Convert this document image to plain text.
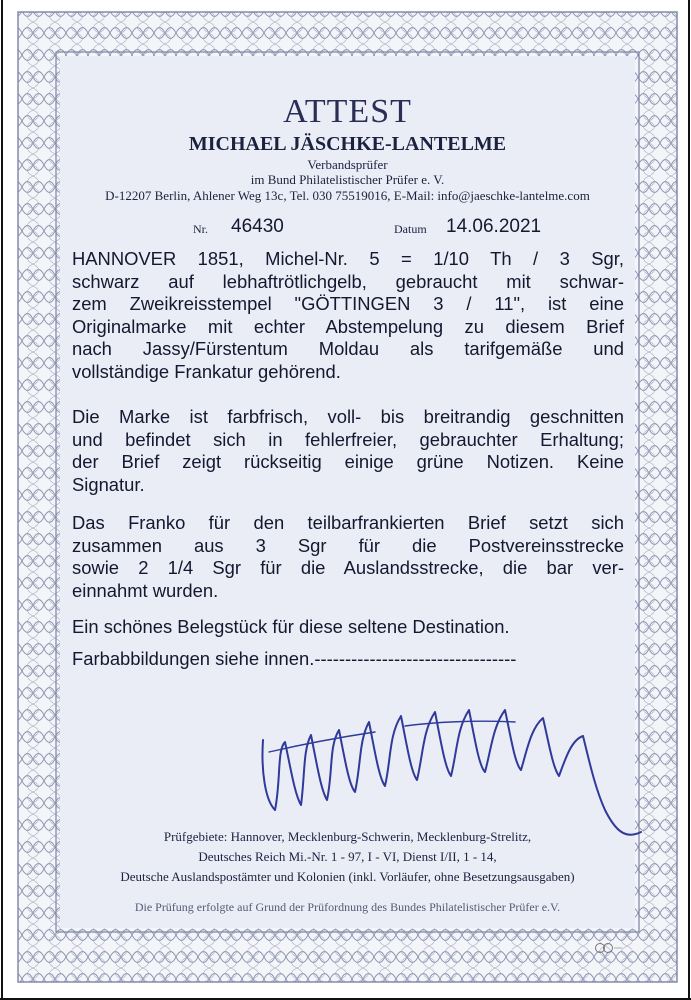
ATTEST
MICHAEL JÄSCHKE-LANTELME
Verbandsprüfer
im Bund Philatelistischer Prüfer e. V.
D-12207 Berlin, Ahlener Weg 13c, Tel. 030 75519016, E-Mail: info@jaeschke-lantelme.com
Nr. 46430	Datum 14.06.2021
HANNOVER 1851, Michel-Nr. 5 = 1/10 Th / 3 Sgr,
schwarz auf lebhaftrötlichgelb, gebraucht mit schwar-
zem Zweikreisstempel "GÖTTINGEN 3 / 11", ist eine
Originalmarke mit echter Abstempelung zu diesem Brief
nach Jassy/Fürstentum Moldau als tarifgemäße und
vollständige Frankatur gehörend.
Die Marke ist farbfrisch, voll- bis breitrandig geschnitten
und befindet sich in fehlerfreier, gebrauchter Erhaltung;
der Brief zeigt rückseitig einige grüne Notizen. Keine
Signatur.
Das Franko für den teilbarfrankierten Brief setzt sich
zusammen aus 3 Sgr für die Postvereinsstrecke
sowie 2 1/4 Sgr für die Auslandsstrecke, die bar ver-
einnahmt wurden.
Ein schönes Belegstück für diese seltene Destination.
Farbabbildungen siehe innen.---------------------------------
Prüfgebiete: Hannover, Mecklenburg-Schwerin, Mecklenburg-Strelitz,
Deutsches Reich Mi.-Nr. 1 - 97, I - VI, Dienst I/II, 1 - 14,
Deutsche Auslandspostämter und Kolonien (inkl. Vorläufer, ohne Besetzungsausgaben)
Die Prüfung erfolgte auf Grund der Prüfordnung des Bundes Philatelistischer Prüfer e.V.
